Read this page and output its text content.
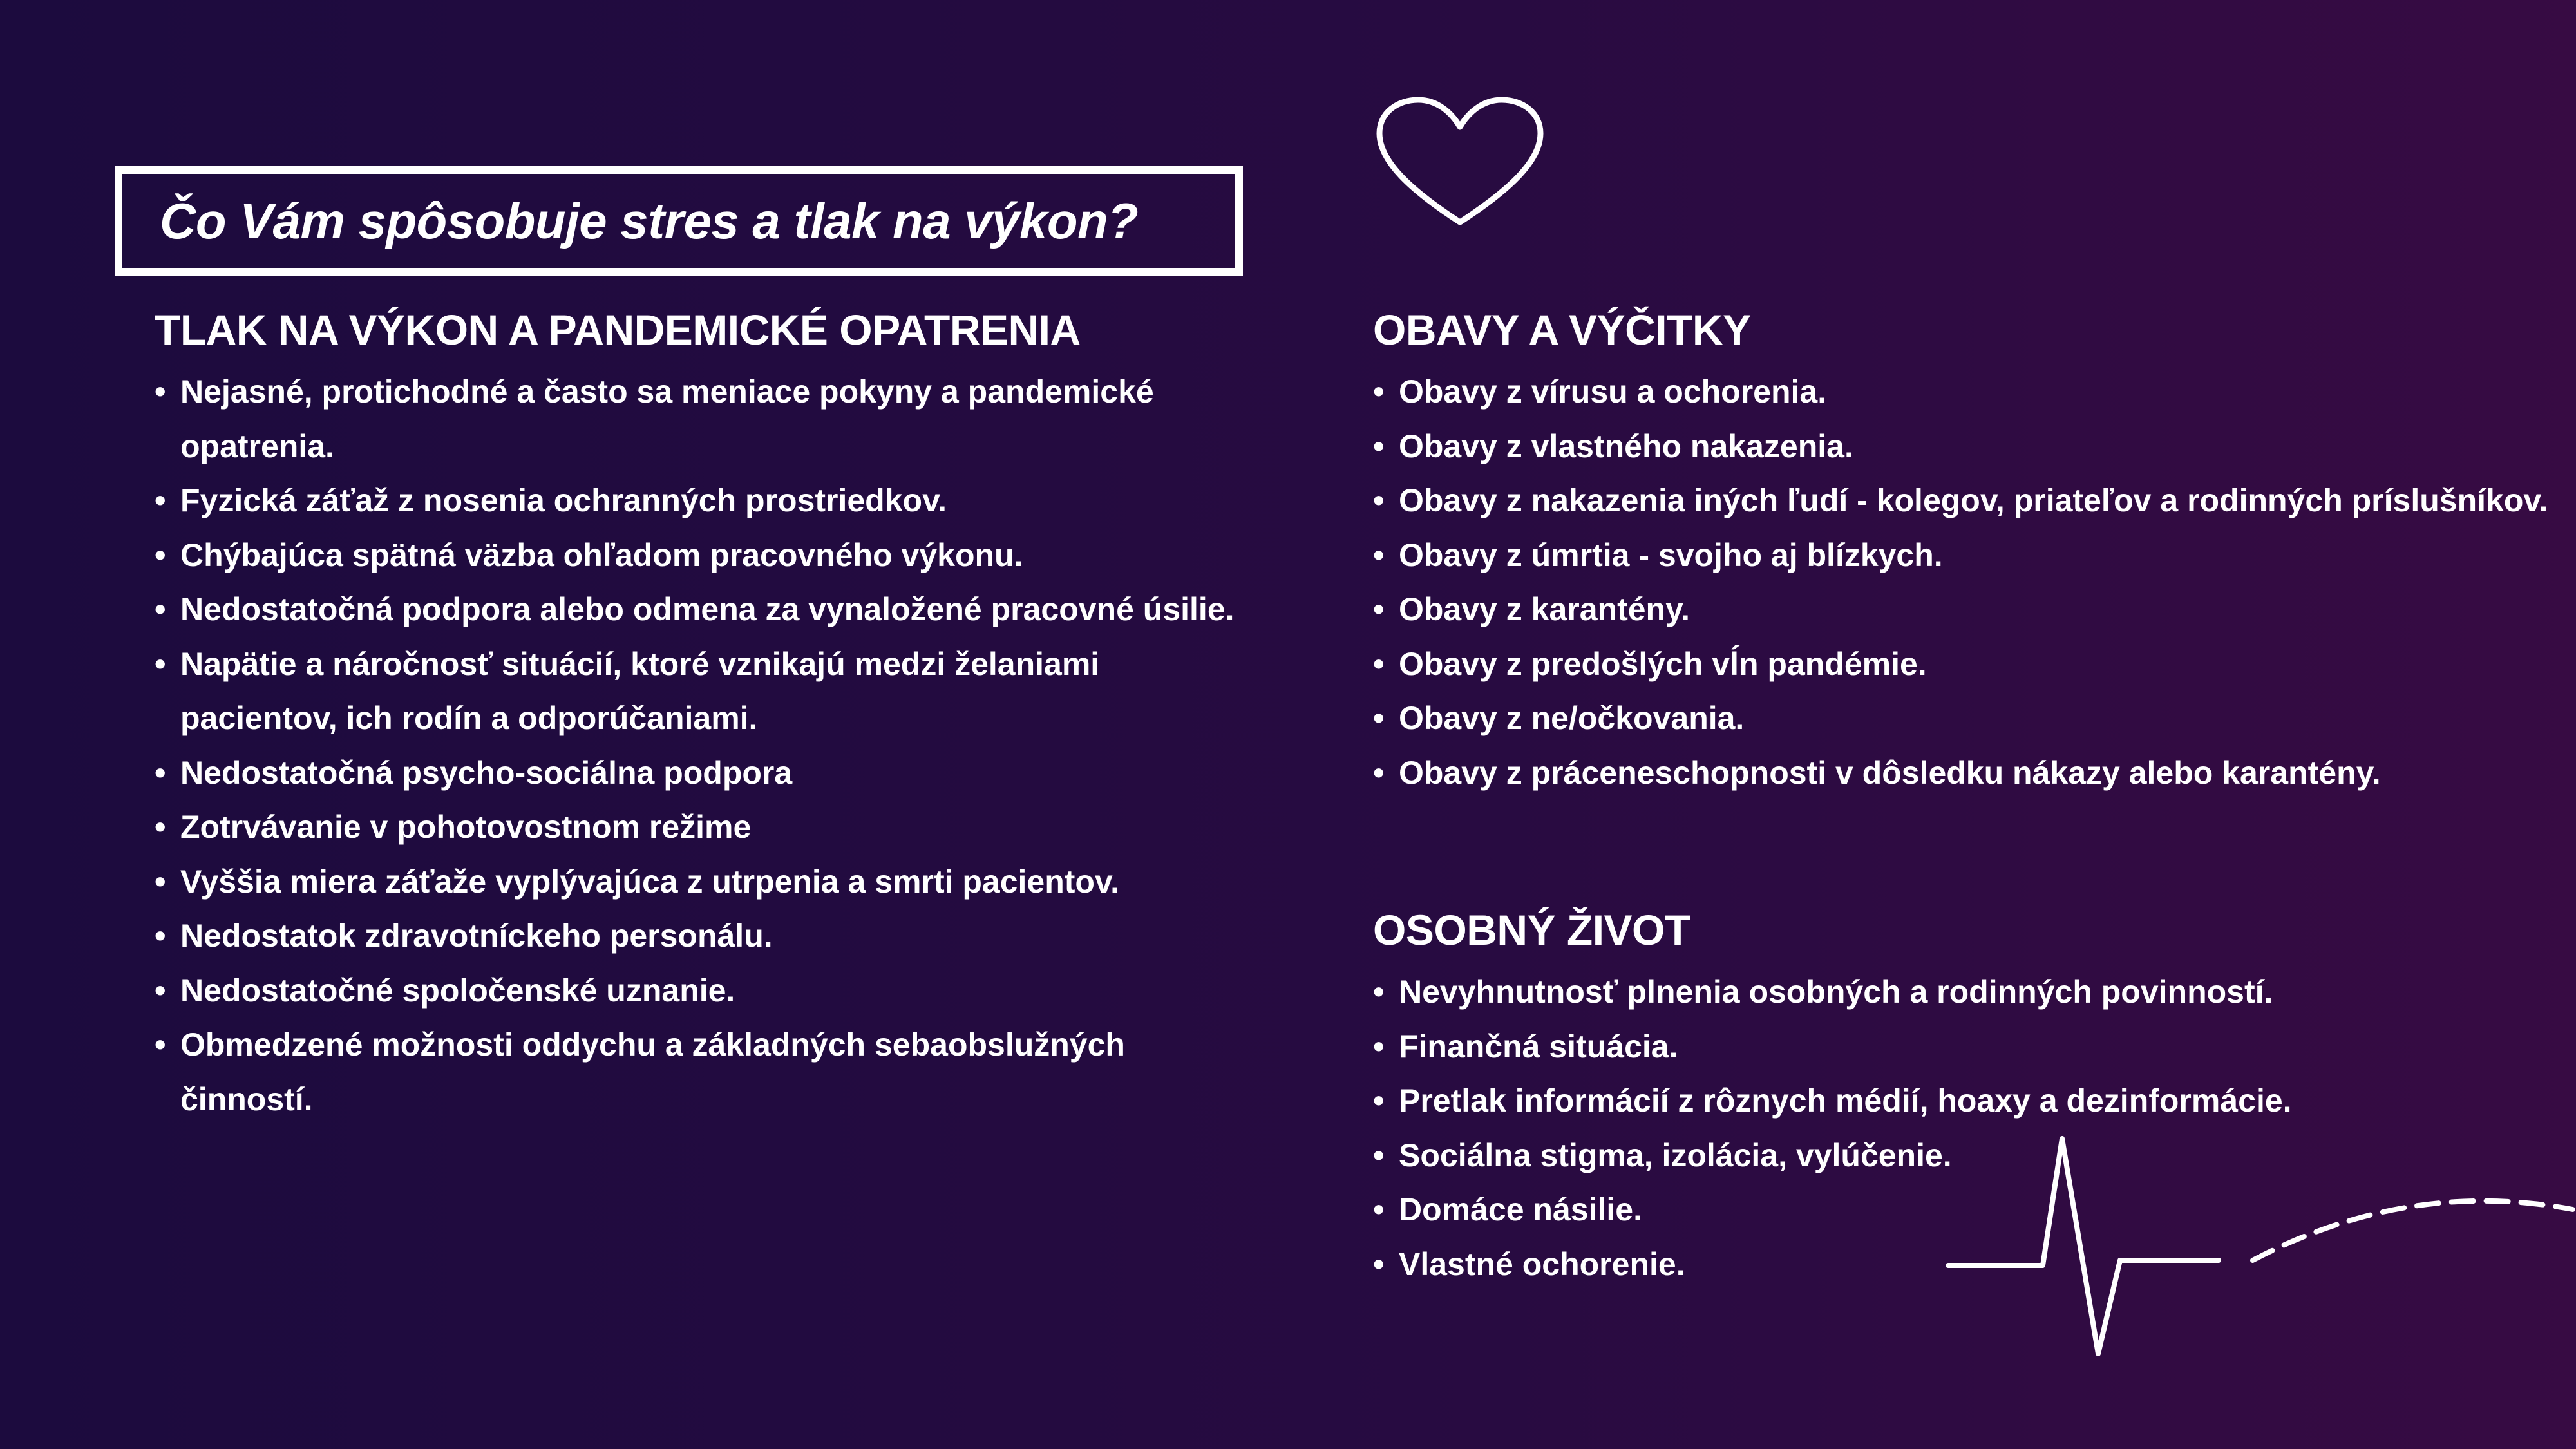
Čo Vám spôsobuje stres a tlak na výkon?
TLAK NA VÝKON A PANDEMICKÉ OPATRENIA
• Nejasné, protichodné a často sa meniace pokyny a pandemické opatrenia.
• Fyzická záťaž z nosenia ochranných prostriedkov.
• Chýbajúca spätná väzba ohľadom pracovného výkonu.
• Nedostatočná podpora alebo odmena za vynaložené pracovné úsilie.
• Napätie a náročnosť situácií, ktoré vznikajú medzi želaniami pacientov, ich rodín a odporúčaniami.
• Nedostatočná psycho-sociálna podpora
• Zotrvávanie v pohotovostnom režime
• Vyššia miera záťaže vyplývajúca z utrpenia a smrti pacientov.
• Nedostatok zdravotníckeho personálu.
• Nedostatočné spoločenské uznanie.
• Obmedzené možnosti oddychu a základných sebaobslužných činností.
OBAVY A VÝČITKY
• Obavy z vírusu a ochorenia.
• Obavy z vlastného nakazenia.
• Obavy z nakazenia iných ľudí - kolegov, priateľov a rodinných príslušníkov.
• Obavy z úmrtia - svojho aj blízkych.
• Obavy z karantény.
• Obavy z predošlých vĺn pandémie.
• Obavy z ne/očkovania.
• Obavy z práceneschopnosti v dôsledku nákazy alebo karantény.
OSOBNÝ ŽIVOT
• Nevyhnutnosť plnenia osobných a rodinných povinností.
• Finančná situácia.
• Pretlak informácií z rôznych médií, hoaxy a dezinformácie.
• Sociálna stigma, izolácia, vylúčenie.
• Domáce násilie.
• Vlastné ochorenie.
